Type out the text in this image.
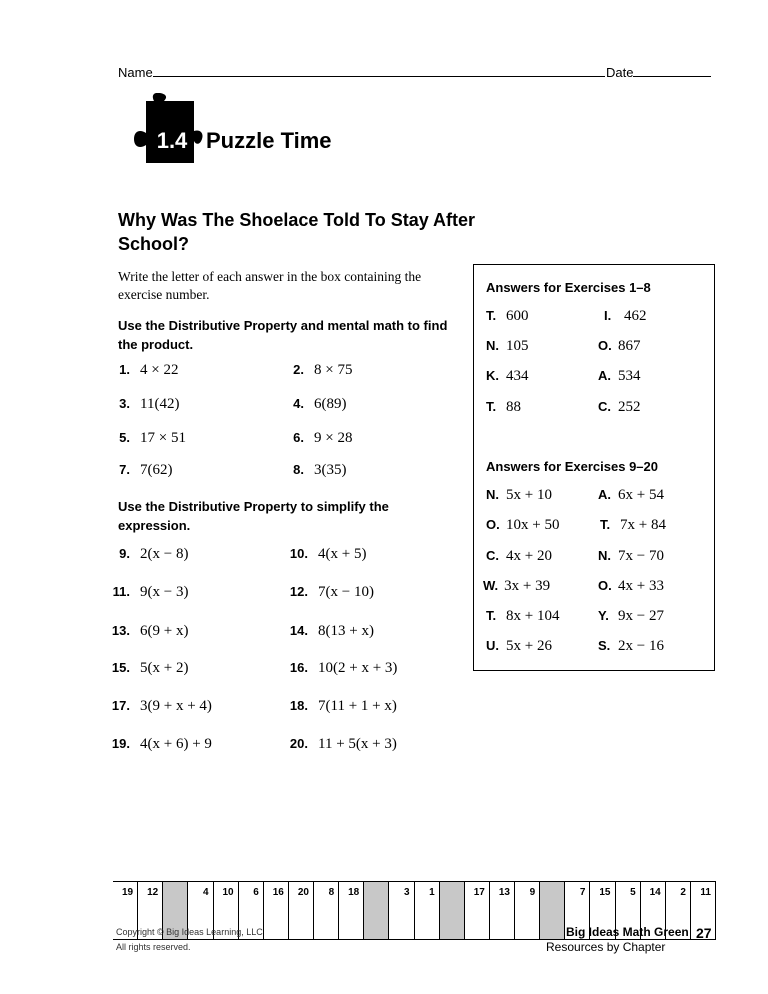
Name	Date
1.4 Puzzle Time
Why Was The Shoelace Told To Stay After School?
Write the letter of each answer in the box containing the exercise number.
Use the Distributive Property and mental math to find the product.
1. 4 × 22	2. 8 × 75
3. 11(42)	4. 6(89)
5. 17 × 51	6. 9 × 28
7. 7(62)	8. 3(35)
Use the Distributive Property to simplify the expression.
9. 2(x − 8)	10. 4(x + 5)
11. 9(x − 3)	12. 7(x − 10)
13. 6(9 + x)	14. 8(13 + x)
15. 5(x + 2)	16. 10(2 + x + 3)
17. 3(9 + x + 4)	18. 7(11 + 1 + x)
19. 4(x + 6) + 9	20. 11 + 5(x + 3)
Answers for Exercises 1–8
T. 600	I. 462
N. 105	O. 867
K. 434	A. 534
T. 88	C. 252
Answers for Exercises 9–20
N. 5x + 10	A. 6x + 54
O. 10x + 50	T. 7x + 84
C. 4x + 20	N. 7x − 70
W. 3x + 39	O. 4x + 33
T. 8x + 104	Y. 9x − 27
U. 5x + 26	S. 2x − 16
11
2
14
5
15
7
9
13
17
1
3
18
8
20
16
6
10
4
12
19
Copyright © Big Ideas Learning, LLC
All rights reserved.
Big Ideas Math Green
Resources by Chapter
27
